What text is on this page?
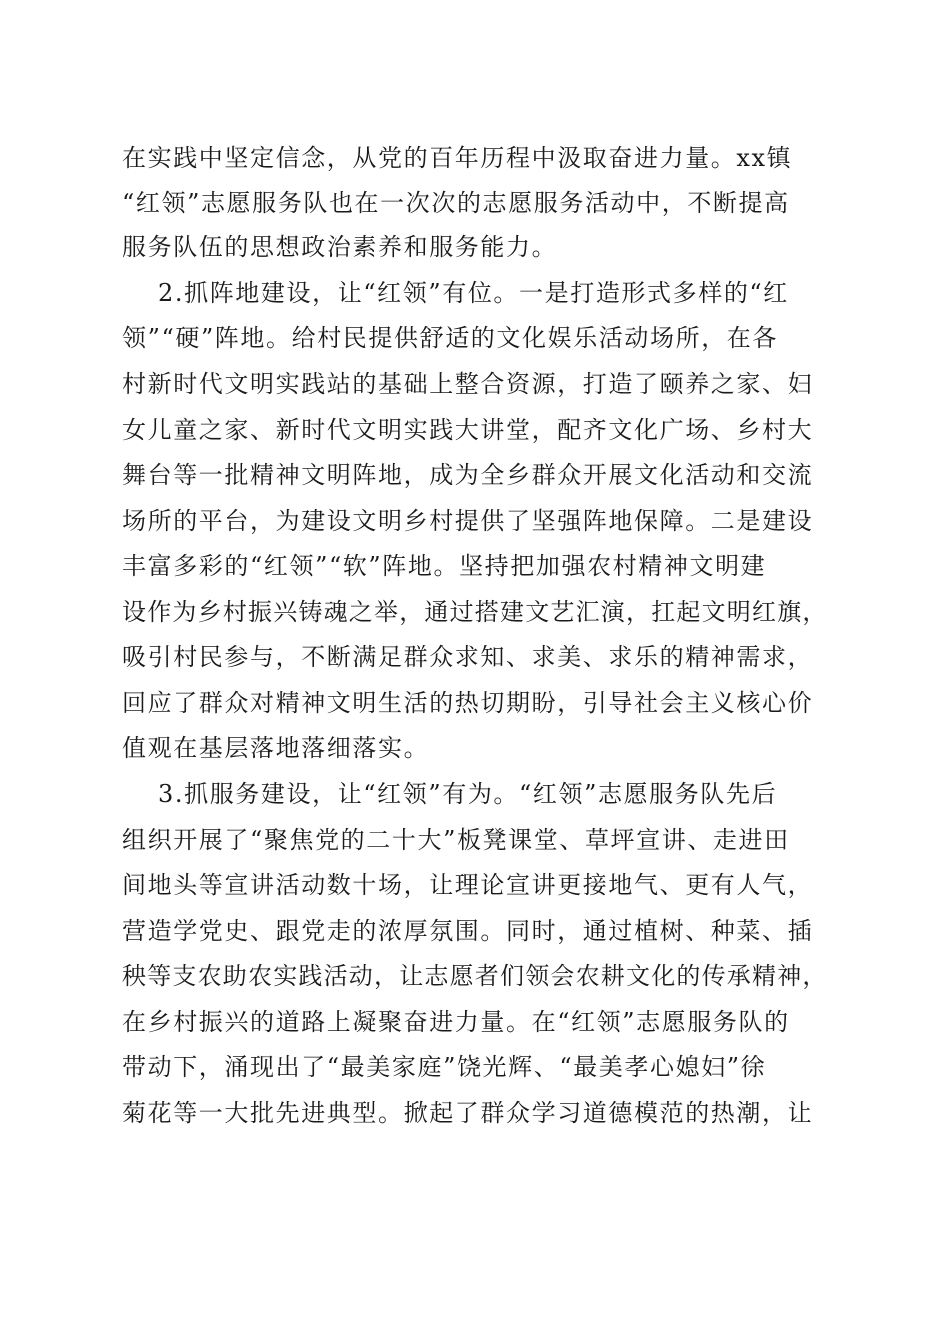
在实践中坚定信念，从党的百年历程中汲取奋进力量。xx镇
“红领”志愿服务队也在一次次的志愿服务活动中，不断提高
服务队伍的思想政治素养和服务能力。
2.抓阵地建设，让“红领”有位。一是打造形式多样的“红
领”“硬”阵地。给村民提供舒适的文化娱乐活动场所，在各
村新时代文明实践站的基础上整合资源，打造了颐养之家、妇
女儿童之家、新时代文明实践大讲堂，配齐文化广场、乡村大
舞台等一批精神文明阵地，成为全乡群众开展文化活动和交流
场所的平台，为建设文明乡村提供了坚强阵地保障。二是建设
丰富多彩的“红领”“软”阵地。坚持把加强农村精神文明建
设作为乡村振兴铸魂之举，通过搭建文艺汇演，扛起文明红旗，
吸引村民参与，不断满足群众求知、求美、求乐的精神需求，
回应了群众对精神文明生活的热切期盼，引导社会主义核心价
值观在基层落地落细落实。
3.抓服务建设，让“红领”有为。“红领”志愿服务队先后
组织开展了“聚焦党的二十大”板凳课堂、草坪宣讲、走进田
间地头等宣讲活动数十场，让理论宣讲更接地气、更有人气，
营造学党史、跟党走的浓厚氛围。同时，通过植树、种菜、插
秧等支农助农实践活动，让志愿者们领会农耕文化的传承精神，
在乡村振兴的道路上凝聚奋进力量。在“红领”志愿服务队的
带动下，涌现出了“最美家庭”饶光辉、“最美孝心媳妇”徐
菊花等一大批先进典型。掀起了群众学习道德模范的热潮，让
